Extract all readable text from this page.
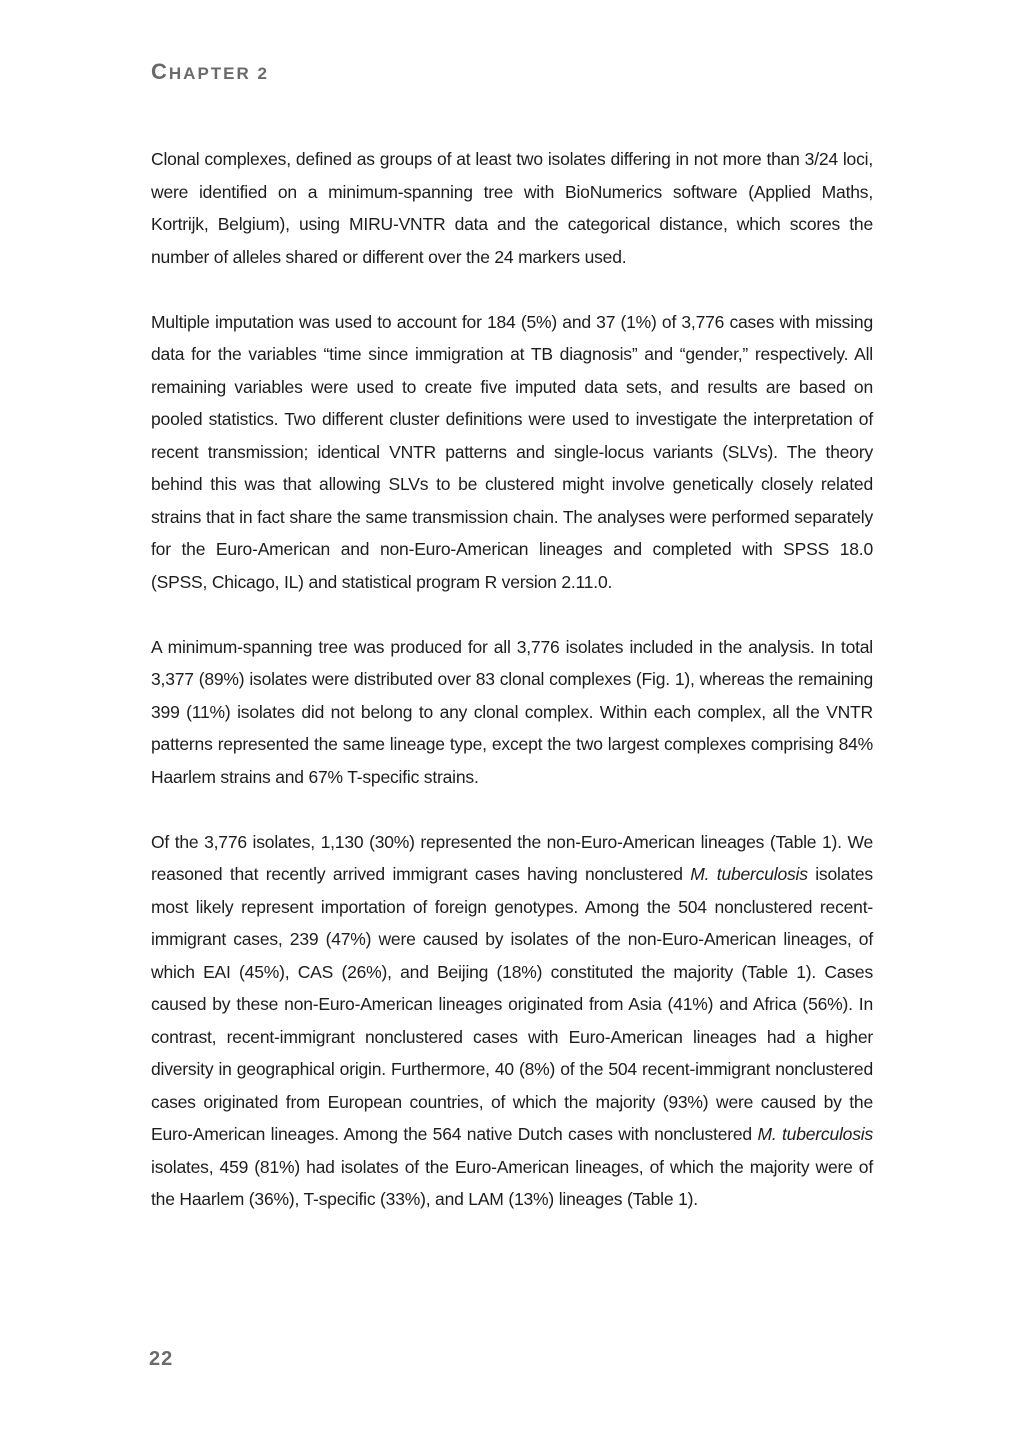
CHAPTER 2

Clonal complexes, defined as groups of at least two isolates differing in not more than 3/24 loci, were identified on a minimum-spanning tree with BioNumerics software (Applied Maths, Kortrijk, Belgium), using MIRU-VNTR data and the categorical distance, which scores the number of alleles shared or different over the 24 markers used.

Multiple imputation was used to account for 184 (5%) and 37 (1%) of 3,776 cases with missing data for the variables “time since immigration at TB diagnosis” and “gender,” respectively. All remaining variables were used to create five imputed data sets, and results are based on pooled statistics. Two different cluster definitions were used to investigate the interpretation of recent transmission; identical VNTR patterns and single-locus variants (SLVs). The theory behind this was that allowing SLVs to be clustered might involve genetically closely related strains that in fact share the same transmission chain. The analyses were performed separately for the Euro-American and non-Euro-American lineages and completed with SPSS 18.0 (SPSS, Chicago, IL) and statistical program R version 2.11.0.

A minimum-spanning tree was produced for all 3,776 isolates included in the analysis. In total 3,377 (89%) isolates were distributed over 83 clonal complexes (Fig. 1), whereas the remaining 399 (11%) isolates did not belong to any clonal complex. Within each complex, all the VNTR patterns represented the same lineage type, except the two largest complexes comprising 84% Haarlem strains and 67% T-specific strains.

Of the 3,776 isolates, 1,130 (30%) represented the non-Euro-American lineages (Table 1). We reasoned that recently arrived immigrant cases having nonclustered M. tuberculosis isolates most likely represent importation of foreign genotypes. Among the 504 nonclustered recent-immigrant cases, 239 (47%) were caused by isolates of the non-Euro-American lineages, of which EAI (45%), CAS (26%), and Beijing (18%) constituted the majority (Table 1). Cases caused by these non-Euro-American lineages originated from Asia (41%) and Africa (56%). In contrast, recent-immigrant nonclustered cases with Euro-American lineages had a higher diversity in geographical origin. Furthermore, 40 (8%) of the 504 recent-immigrant nonclustered cases originated from European countries, of which the majority (93%) were caused by the Euro-American lineages. Among the 564 native Dutch cases with nonclustered M. tuberculosis isolates, 459 (81%) had isolates of the Euro-American lineages, of which the majority were of the Haarlem (36%), T-specific (33%), and LAM (13%) lineages (Table 1).

22
